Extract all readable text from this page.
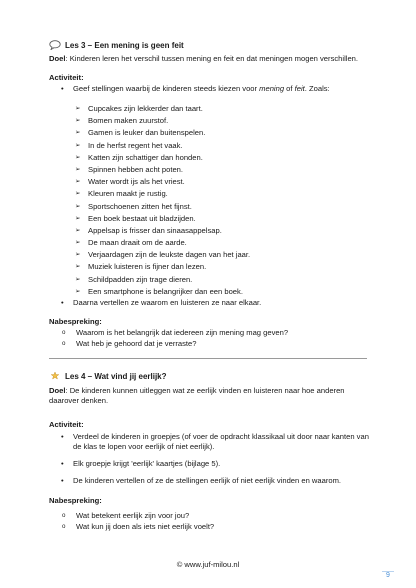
Les 3 – Een mening is geen feit
Doel: Kinderen leren het verschil tussen mening en feit en dat meningen mogen verschillen.
Activiteit:
• Geef stellingen waarbij de kinderen steeds kiezen voor mening of feit. Zoals:
➢	Cupcakes zijn lekkerder dan taart.
➢	Bomen maken zuurstof.
➢	Gamen is leuker dan buitenspelen.
➢	In de herfst regent het vaak.
➢	Katten zijn schattiger dan honden.
➢	Spinnen hebben acht poten.
➢	Water wordt ijs als het vriest.
➢	Kleuren maakt je rustig.
➢	Sportschoenen zitten het fijnst.
➢	Een boek bestaat uit bladzijden.
➢	Appelsap is frisser dan sinaasappelsap.
➢	De maan draait om de aarde.
➢	Verjaardagen zijn de leukste dagen van het jaar.
➢	Muziek luisteren is fijner dan lezen.
➢	Schildpadden zijn trage dieren.
➢	Een smartphone is belangrijker dan een boek.
• Daarna vertellen ze waarom en luisteren ze naar elkaar.
Nabespreking:
o	Waarom is het belangrijk dat iedereen zijn mening mag geven?
o	Wat heb je gehoord dat je verraste?
Les 4 – Wat vind jij eerlijk?
Doel: De kinderen kunnen uitleggen wat ze eerlijk vinden en luisteren naar hoe anderen daarover denken.
Activiteit:
• Verdeel de kinderen in groepjes (of voer de opdracht klassikaal uit door naar kanten van de klas te lopen voor eerlijk of niet eerlijk).
• Elk groepje krijgt 'eerlijk' kaartjes (bijlage 5).
• De kinderen vertellen of ze de stellingen eerlijk of niet eerlijk vinden en waarom.
Nabespreking:
o	Wat betekent eerlijk zijn voor jou?
o	Wat kun jij doen als iets niet eerlijk voelt?
© www.juf-milou.nl
9
